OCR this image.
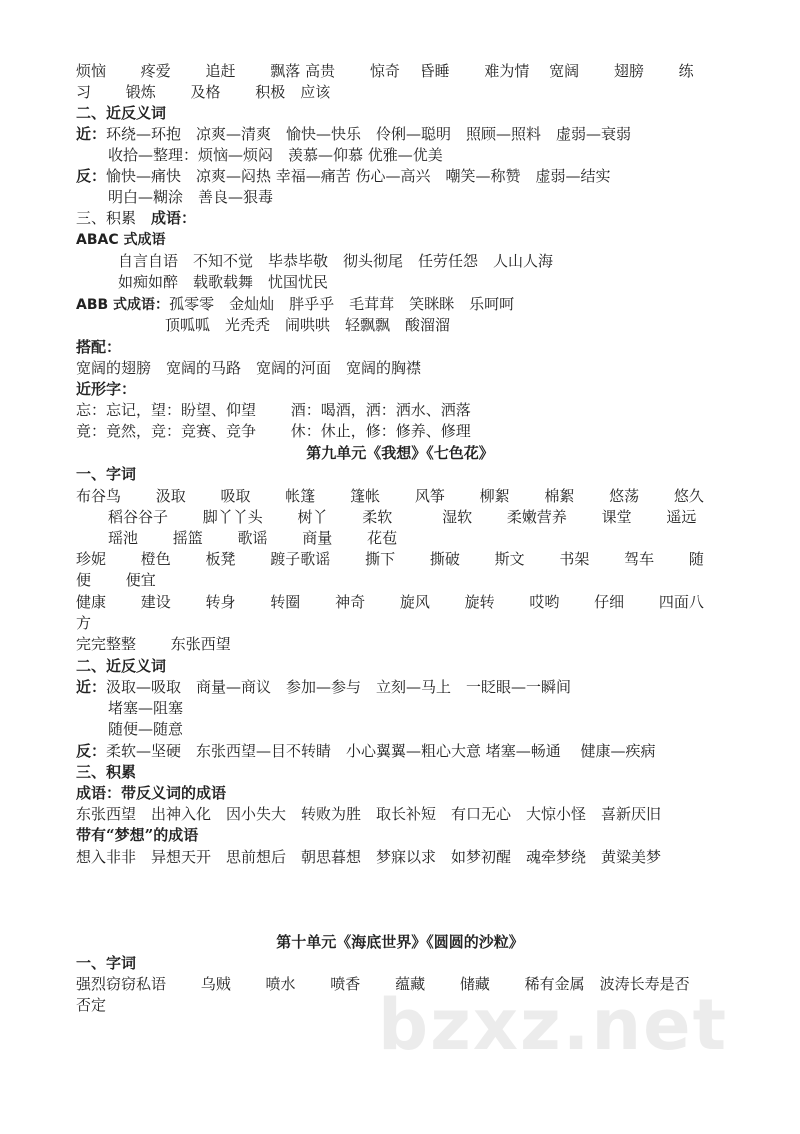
烦恼　　 疼爱　　 追赶　　 飘落 高贵　　 惊奇　 昏睡　　 难为情　 宽阔　　 翅膀　　 练
习　　 锻炼　　 及格　　 积极　应该
二、近反义词
近：环绕—环抱　凉爽—清爽　愉快—快乐　伶俐—聪明　照顾—照料　虚弱—衰弱
收拾—整理：烦恼—烦闷　羡慕—仰慕 优雅—优美
反：愉快—痛快　凉爽—闷热 幸福—痛苦 伤心—高兴　嘲笑—称赞　虚弱—结实
明白—糊涂　善良—狠毒
三、积累　成语：
ABAC 式成语
自言自语　不知不觉　毕恭毕敬　彻头彻尾　任劳任怨　人山人海
如痴如醉　载歌载舞　忧国忧民
ABB 式成语：孤零零　金灿灿　胖乎乎　毛茸茸　笑眯眯　乐呵呵
顶呱呱　光秃秃　闹哄哄　轻飘飘　酸溜溜
搭配：
宽阔的翅膀　宽阔的马路　宽阔的河面　宽阔的胸襟
近形字：
忘：忘记，望：盼望、仰望　　 酒：喝酒，洒：洒水、洒落
竟：竟然，竞：竞赛、竞争　　 休：休止，修：修养、修理
第九单元《我想》《七色花》
一、字词
布谷鸟　　 汲取　　 吸取　　 帐篷　　 篷帐　　 风筝　　 柳絮　　 棉絮　　 悠荡　　 悠久
稻谷谷子　　 脚丫丫头　　 树丫　　 柔软　　　 湿软　　 柔嫩营养　　 课堂　　 遥远
瑶池　　 摇篮　　 歌谣　　 商量　　 花苞
珍妮　　 橙色　　 板凳　　 踱子歌谣　　 撕下　　 撕破　　 斯文　　 书架　　 驾车　　 随
便　　 便宜
健康　　 建设　　 转身　　 转圈　　 神奇　　 旋风　　 旋转　　 哎哟　　 仔细　　 四面八
方
完完整整　　 东张西望
二、近反义词
近：汲取—吸取　商量—商议　参加—参与　立刻—马上　一眨眼—一瞬间
堵塞—阻塞
随便—随意
反：柔软—坚硬　东张西望—目不转睛　小心翼翼—粗心大意 堵塞—畅通　 健康—疾病
三、积累
成语：带反义词的成语
东张西望　出神入化　因小失大　转败为胜　取长补短　有口无心　大惊小怪　喜新厌旧
带有“梦想”的成语
想入非非　异想天开　思前想后　朝思暮想　梦寐以求　如梦初醒　魂牵梦绕　黄粱美梦
第十单元《海底世界》《圆圆的沙粒》
一、字词
强烈窃窃私语　　 乌贼　　 喷水　　 喷香　　 蕴藏　　 储藏　　 稀有金属　波涛长寿是否
否定	bzxz.net
